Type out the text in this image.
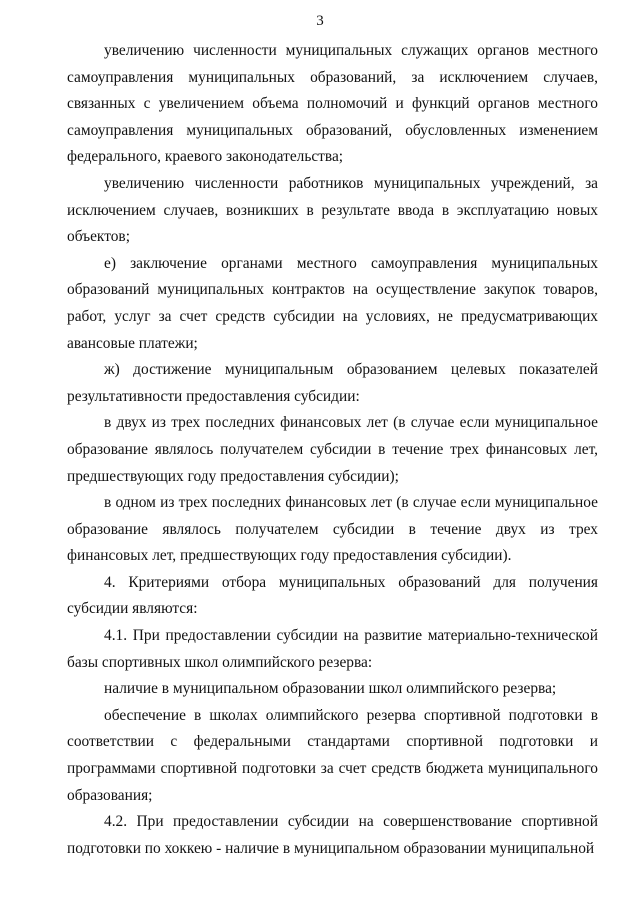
3

увеличению численности муниципальных служащих органов местного самоуправления муниципальных образований, за исключением случаев, связанных с увеличением объема полномочий и функций органов местного самоуправления муниципальных образований, обусловленных изменением федерального, краевого законодательства;

увеличению численности работников муниципальных учреждений, за исключением случаев, возникших в результате ввода в эксплуатацию новых объектов;

е) заключение органами местного самоуправления муниципальных образований муниципальных контрактов на осуществление закупок товаров, работ, услуг за счет средств субсидии на условиях, не предусматривающих авансовые платежи;

ж) достижение муниципальным образованием целевых показателей результативности предоставления субсидии:

в двух из трех последних финансовых лет (в случае если муниципальное образование являлось получателем субсидии в течение трех финансовых лет, предшествующих году предоставления субсидии);

в одном из трех последних финансовых лет (в случае если муниципальное образование являлось получателем субсидии в течение двух из трех финансовых лет, предшествующих году предоставления субсидии).

4. Критериями отбора муниципальных образований для получения субсидии являются:

4.1. При предоставлении субсидии на развитие материально-технической базы спортивных школ олимпийского резерва:

наличие в муниципальном образовании школ олимпийского резерва;

обеспечение в школах олимпийского резерва спортивной подготовки в соответствии с федеральными стандартами спортивной подготовки и программами спортивной подготовки за счет средств бюджета муниципального образования;

4.2. При предоставлении субсидии на совершенствование спортивной подготовки по хоккею - наличие в муниципальном образовании муниципальной
